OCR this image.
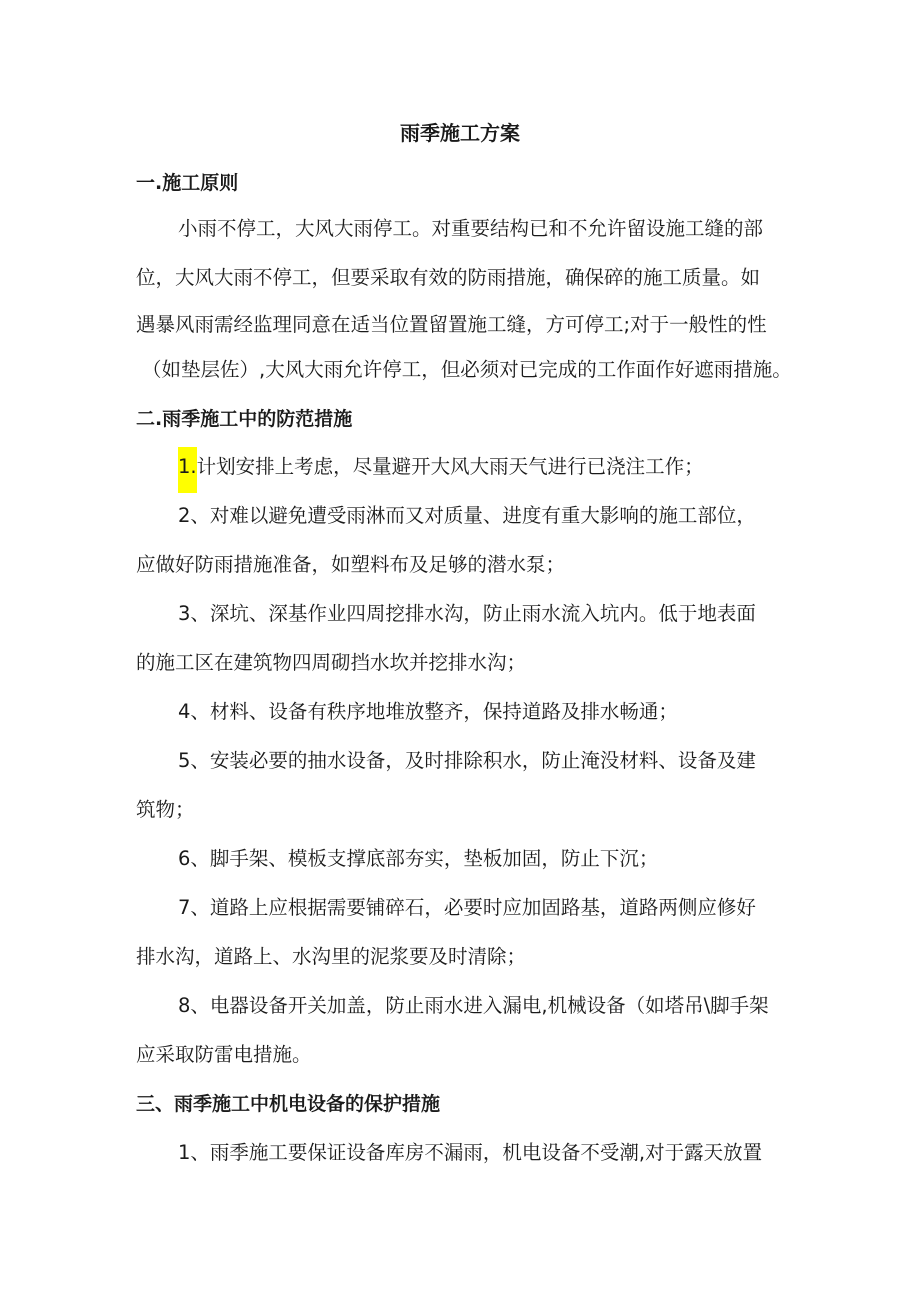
雨季施工方案
一.施工原则
小雨不停工，大风大雨停工。对重要结构已和不允许留设施工缝的部
位，大风大雨不停工，但要采取有效的防雨措施，确保碎的施工质量。如
遇暴风雨需经监理同意在适当位置留置施工缝，方可停工;对于一般性的性
（如垫层佐）,大风大雨允许停工，但必须对已完成的工作面作好遮雨措施。
二.雨季施工中的防范措施
1.计划安排上考虑，尽量避开大风大雨天气进行已浇注工作；
2、对难以避免遭受雨淋而又对质量、进度有重大影响的施工部位，
应做好防雨措施准备，如塑料布及足够的潜水泵；
3、深坑、深基作业四周挖排水沟，防止雨水流入坑内。低于地表面
的施工区在建筑物四周砌挡水坎并挖排水沟；
4、材料、设备有秩序地堆放整齐，保持道路及排水畅通；
5、安装必要的抽水设备，及时排除积水，防止淹没材料、设备及建
筑物；
6、脚手架、模板支撑底部夯实，垫板加固，防止下沉；
7、道路上应根据需要铺碎石，必要时应加固路基，道路两侧应修好
排水沟，道路上、水沟里的泥浆要及时清除；
8、电器设备开关加盖，防止雨水进入漏电,机械设备（如塔吊\脚手架
应采取防雷电措施。
三、雨季施工中机电设备的保护措施
1、雨季施工要保证设备库房不漏雨，机电设备不受潮,对于露天放置
